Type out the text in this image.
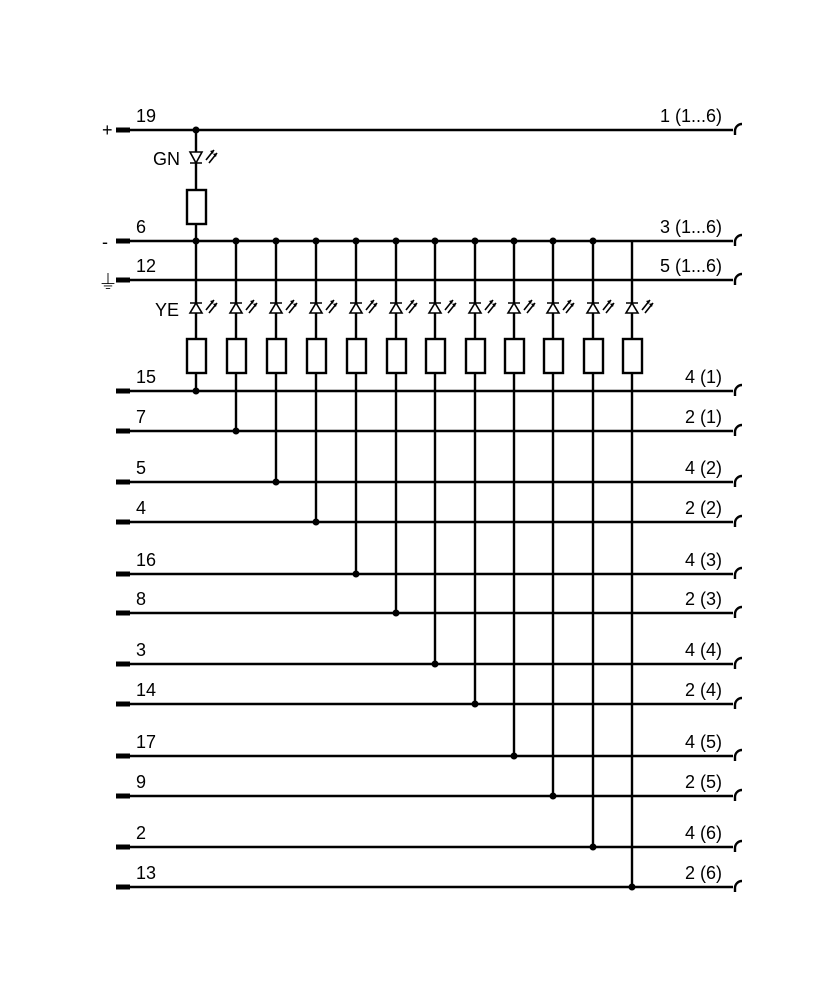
+
-
⏚
GN
YE
19	1 (1...6)
6	3 (1...6)
12	5 (1...6)
15	4 (1)
7	2 (1)
5	4 (2)
4	2 (2)
16	4 (3)
8	2 (3)
3	4 (4)
14	2 (4)
17	4 (5)
9	2 (5)
2	4 (6)
13	2 (6)
